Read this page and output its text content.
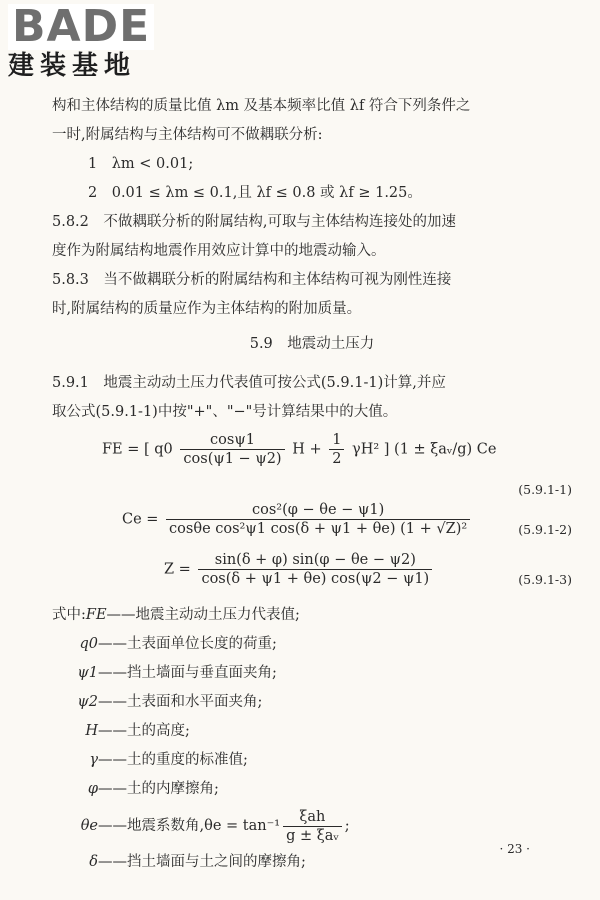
BADE
建装基地
构和主体结构的质量比值 λm 及基本频率比值 λf 符合下列条件之
一时,附属结构与主体结构可不做耦联分析:
1　λm < 0.01;
2　0.01 ≤ λm ≤ 0.1,且 λf ≤ 0.8 或 λf ≥ 1.25。
5.8.2　不做耦联分析的附属结构,可取与主体结构连接处的加速
度作为附属结构地震作用效应计算中的地震动输入。
5.8.3　当不做耦联分析的附属结构和主体结构可视为刚性连接
时,附属结构的质量应作为主体结构的附加质量。
5.9　地震动土压力
5.9.1　地震主动动土压力代表值可按公式(5.9.1-1)计算,并应
取公式(5.9.1-1)中按"+"、"−"号计算结果中的大值。
FE = [ $q0 \frac{\cos\psi 1}{\cos(\psi 1 - \psi 2)}$ $H + \frac{1}{2} \gamma H^2$ ] (1 ± ξaᵥ/g) Ce
(5.9.1-1)
$Ce = \frac{\text{cos²(φ − θe − ψ1)}}{\text{cosθe cos²ψ1 cos(δ + ψ1 + θe) (1 + √Z)²}}$	(5.9.1-2)
$Z = \frac{\sin(\delta + \varphi) \sin(\varphi - \theta e - \psi 2)}{\cos(\delta + \psi 1 + \theta e) \cos(\psi 2 - \psi 1)}$	(5.9.1-3)
式中:FE——地震主动动土压力代表值;
q0——土表面单位长度的荷重;
ψ1——挡土墙面与垂直面夹角;
ψ2——土表面和水平面夹角;
H——土的高度;
γ——土的重度的标准值;
φ——土的内摩擦角;
θe——地震系数角$,\theta e = \tan^{-1} \frac{\text{ξah}}{\text{g ± ξaᵥ}}$ ;
δ——挡土墙面与土之间的摩擦角;
· 23 ·
